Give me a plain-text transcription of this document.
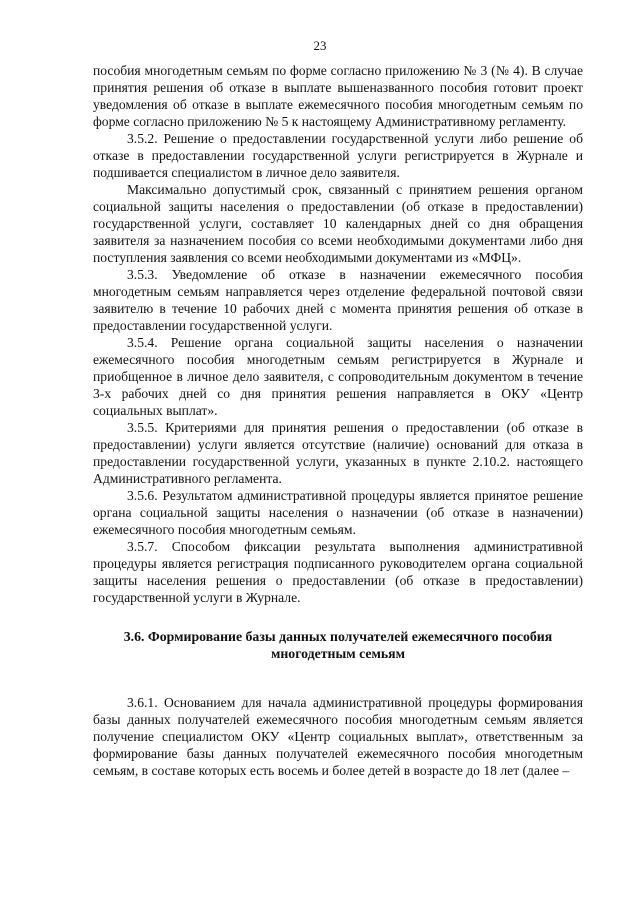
23

пособия многодетным семьям по форме согласно приложению № 3 (№ 4). В случае принятия решения об отказе в выплате вышеназванного пособия готовит проект уведомления об отказе в выплате ежемесячного пособия многодетным семьям по форме согласно приложению № 5 к настоящему Административному регламенту.

3.5.2. Решение о предоставлении государственной услуги либо решение об отказе в предоставлении государственной услуги регистрируется в Журнале и подшивается специалистом в личное дело заявителя.

Максимально допустимый срок, связанный с принятием решения органом социальной защиты населения о предоставлении (об отказе в предоставлении) государственной услуги, составляет 10 календарных дней со дня обращения заявителя за назначением пособия со всеми необходимыми документами либо дня поступления заявления со всеми необходимыми документами из «МФЦ».

3.5.3. Уведомление об отказе в назначении ежемесячного пособия многодетным семьям направляется через отделение федеральной почтовой связи заявителю в течение 10 рабочих дней с момента принятия решения об отказе в предоставлении государственной услуги.

3.5.4. Решение органа социальной защиты населения о назначении ежемесячного пособия многодетным семьям регистрируется в Журнале и приобщенное в личное дело заявителя, с сопроводительным документом в течение 3-х рабочих дней со дня принятия решения направляется в ОКУ «Центр социальных выплат».

3.5.5. Критериями для принятия решения о предоставлении (об отказе в предоставлении) услуги является отсутствие (наличие) оснований для отказа в предоставлении государственной услуги, указанных в пункте 2.10.2. настоящего Административного регламента.

3.5.6. Результатом административной процедуры является принятое решение органа социальной защиты населения о назначении (об отказе в назначении) ежемесячного пособия многодетным семьям.

3.5.7. Способом фиксации результата выполнения административной процедуры является регистрация подписанного руководителем органа социальной защиты населения решения о предоставлении (об отказе в предоставлении) государственной услуги в Журнале.

3.6. Формирование базы данных получателей ежемесячного пособия многодетным семьям

3.6.1. Основанием для начала административной процедуры формирования базы данных получателей ежемесячного пособия многодетным семьям является получение специалистом ОКУ «Центр социальных выплат», ответственным за формирование базы данных получателей ежемесячного пособия многодетным семьям, в составе которых есть восемь и более детей в возрасте до 18 лет (далее –
